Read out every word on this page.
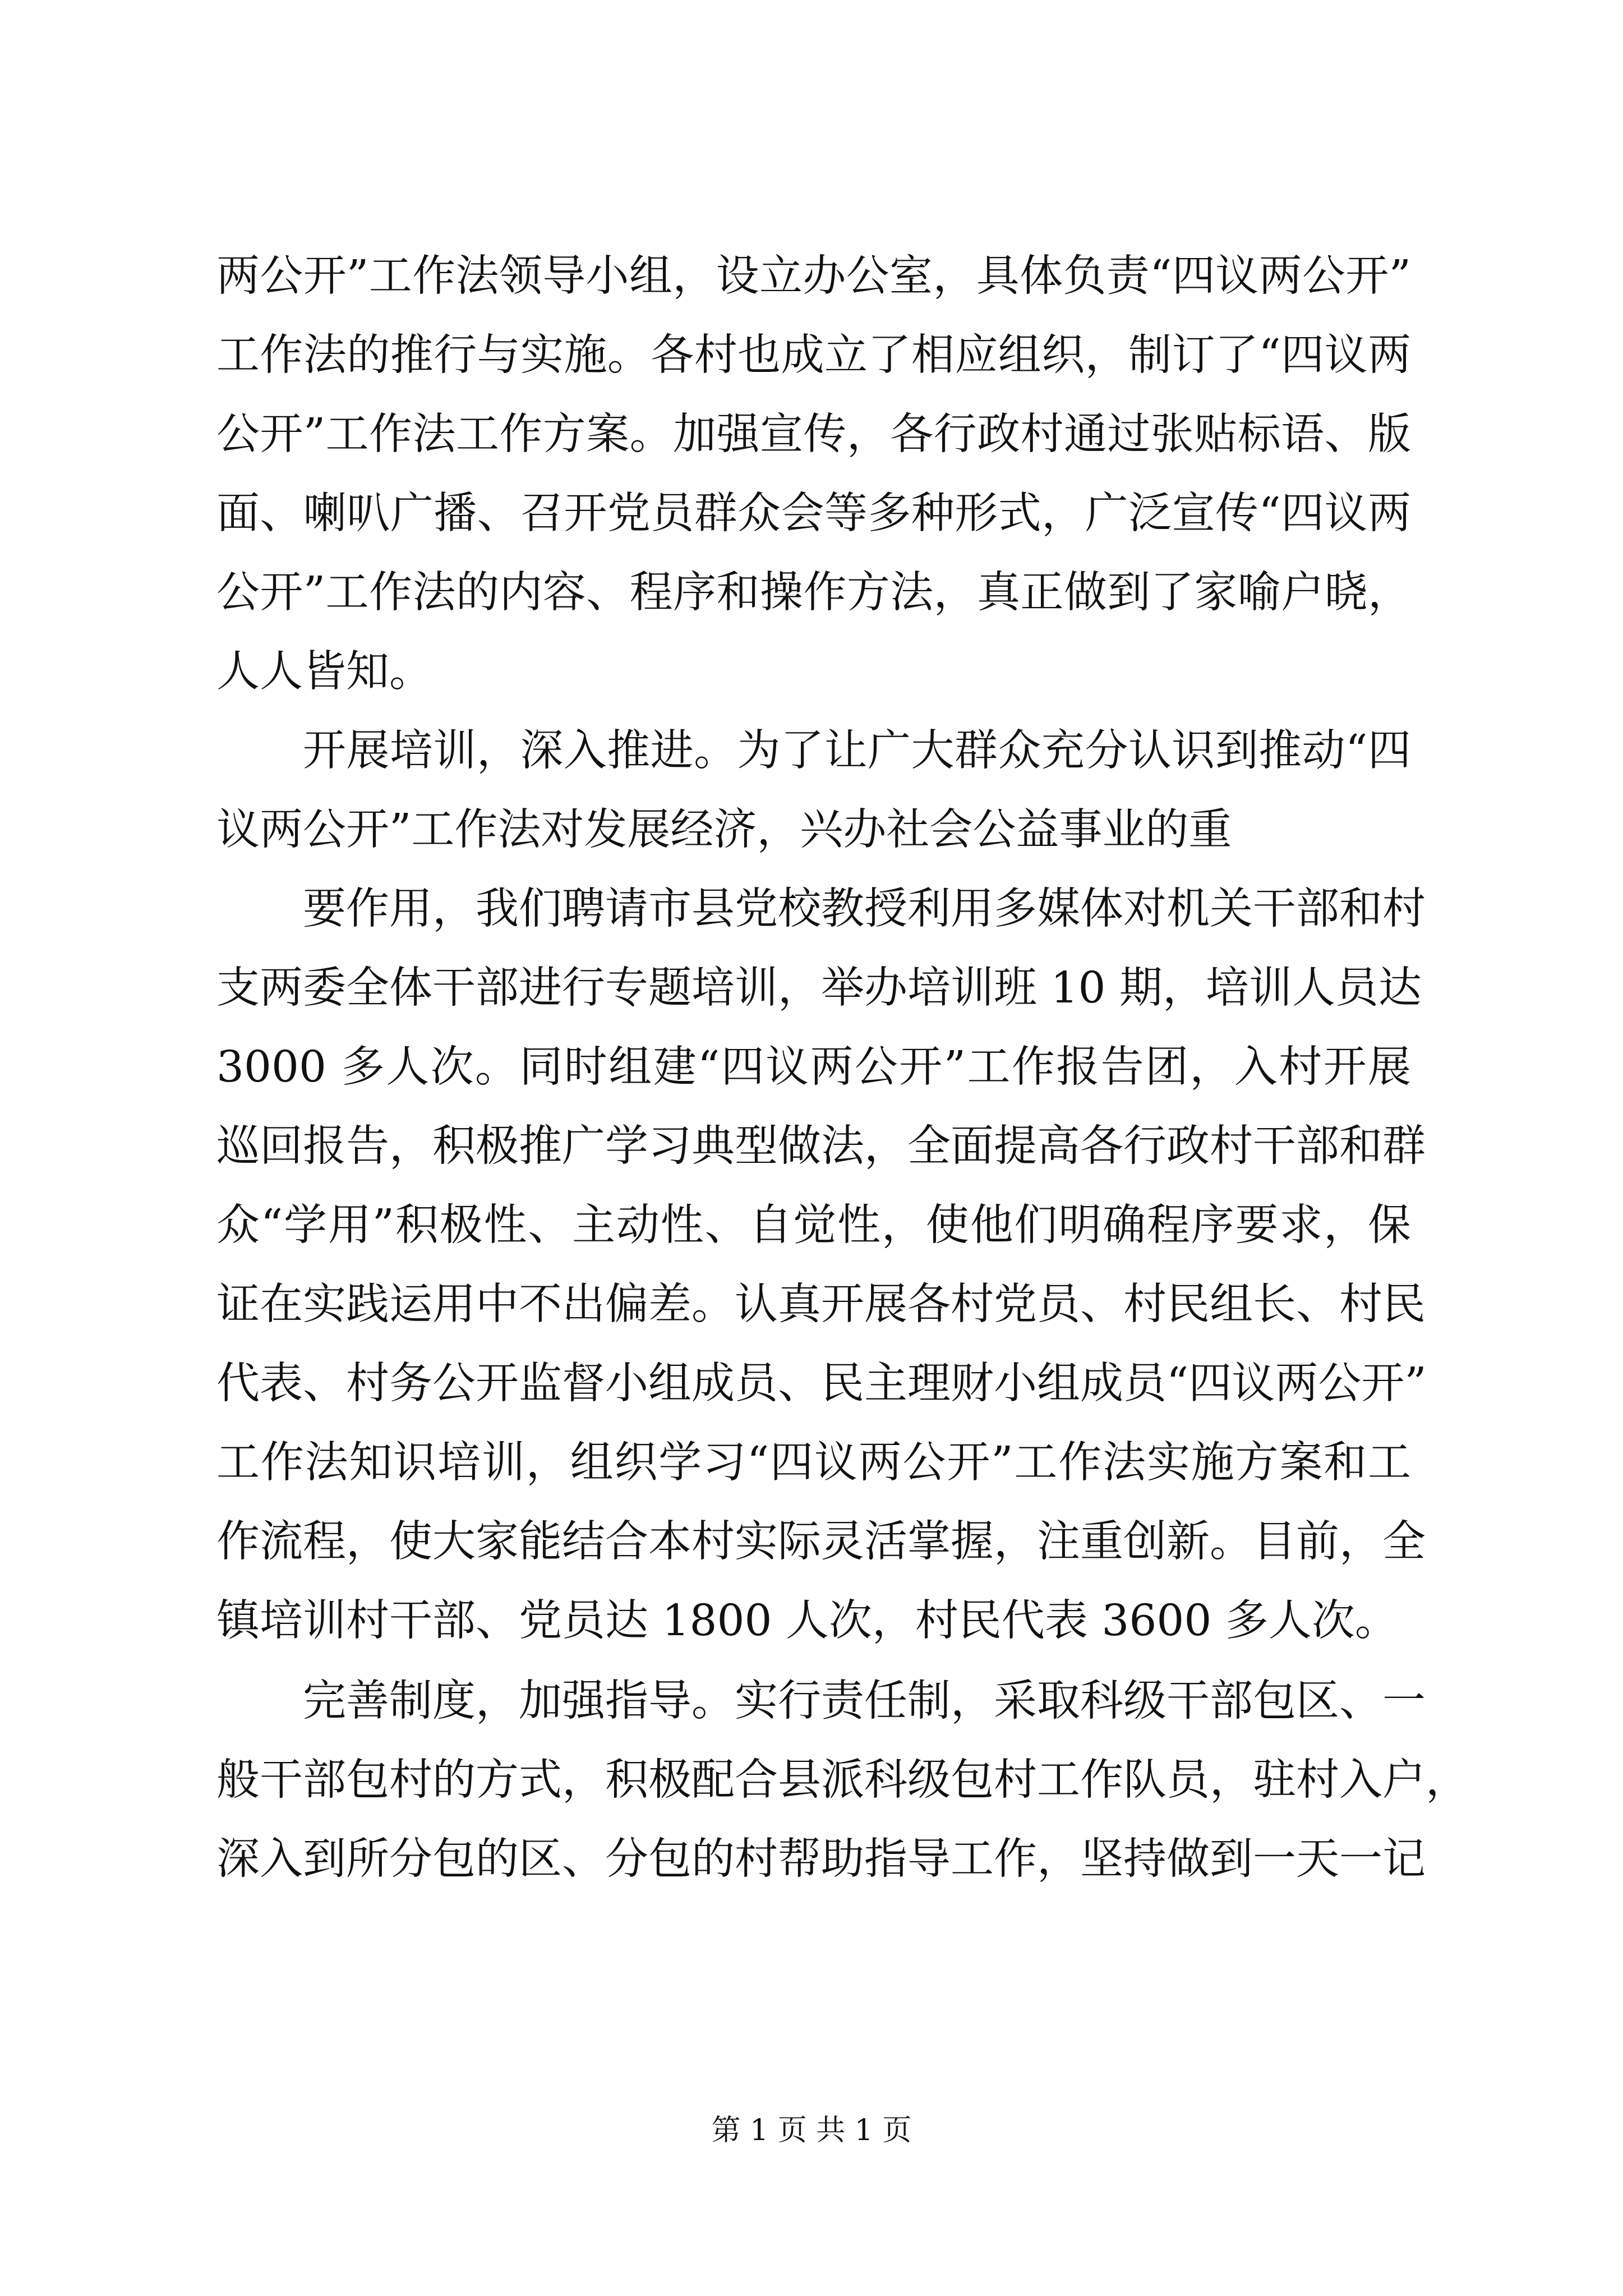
两公开”工作法领导小组，设立办公室，具体负责“四议两公开”
工作法的推行与实施。各村也成立了相应组织，制订了“四议两
公开”工作法工作方案。加强宣传，各行政村通过张贴标语、版
面、喇叭广播、召开党员群众会等多种形式，广泛宣传“四议两
公开”工作法的内容、程序和操作方法，真正做到了家喻户晓，
人人皆知。
开展培训，深入推进。为了让广大群众充分认识到推动“四
议两公开”工作法对发展经济，兴办社会公益事业的重
要作用，我们聘请市县党校教授利用多媒体对机关干部和村
支两委全体干部进行专题培训，举办培训班 10 期，培训人员达
3000 多人次。同时组建“四议两公开”工作报告团，入村开展
巡回报告，积极推广学习典型做法，全面提高各行政村干部和群
众“学用”积极性、主动性、自觉性，使他们明确程序要求，保
证在实践运用中不出偏差。认真开展各村党员、村民组长、村民
代表、村务公开监督小组成员、民主理财小组成员“四议两公开”
工作法知识培训，组织学习“四议两公开”工作法实施方案和工
作流程，使大家能结合本村实际灵活掌握，注重创新。目前，全
镇培训村干部、党员达 1800 人次，村民代表 3600 多人次。
完善制度，加强指导。实行责任制，采取科级干部包区、一
般干部包村的方式，积极配合县派科级包村工作队员，驻村入户，
深入到所分包的区、分包的村帮助指导工作，坚持做到一天一记
第 1 页 共 1 页
